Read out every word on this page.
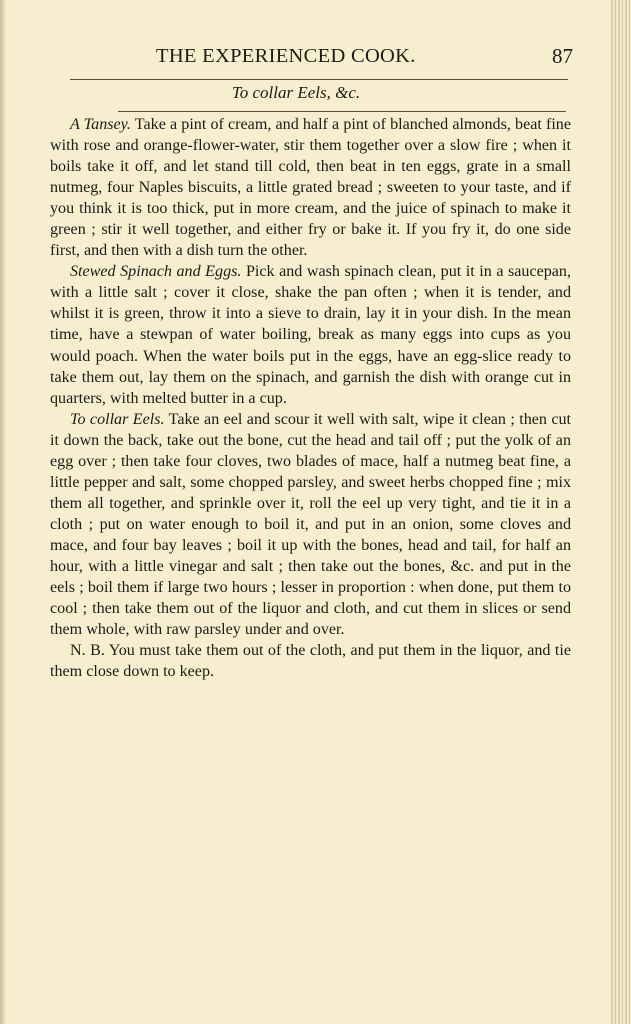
THE EXPERIENCED COOK.	87
To collar Eels, &c.

A Tansey. Take a pint of cream, and half a pint of blanched almonds, beat fine with rose and orange-flower-water, stir them together over a slow fire ; when it boils take it off, and let stand till cold, then beat in ten eggs, grate in a small nutmeg, four Naples biscuits, a little grated bread ; sweeten to your taste, and if you think it is too thick, put in more cream, and the juice of spinach to make it green ; stir it well together, and either fry or bake it. If you fry it, do one side first, and then with a dish turn the other.

Stewed Spinach and Eggs. Pick and wash spinach clean, put it in a saucepan, with a little salt ; cover it close, shake the pan often ; when it is tender, and whilst it is green, throw it into a sieve to drain, lay it in your dish. In the mean time, have a stewpan of water boiling, break as many eggs into cups as you would poach. When the water boils put in the eggs, have an egg-slice ready to take them out, lay them on the spinach, and garnish the dish with orange cut in quarters, with melted butter in a cup.

To collar Eels. Take an eel and scour it well with salt, wipe it clean ; then cut it down the back, take out the bone, cut the head and tail off ; put the yolk of an egg over ; then take four cloves, two blades of mace, half a nutmeg beat fine, a little pepper and salt, some chopped parsley, and sweet herbs chopped fine ; mix them all together, and sprinkle over it, roll the eel up very tight, and tie it in a cloth ; put on water enough to boil it, and put in an onion, some cloves and mace, and four bay leaves ; boil it up with the bones, head and tail, for half an hour, with a little vinegar and salt ; then take out the bones, &c. and put in the eels ; boil them if large two hours ; lesser in proportion : when done, put them to cool ; then take them out of the liquor and cloth, and cut them in slices or send them whole, with raw parsley under and over.

N. B. You must take them out of the cloth, and put them in the liquor, and tie them close down to keep.
